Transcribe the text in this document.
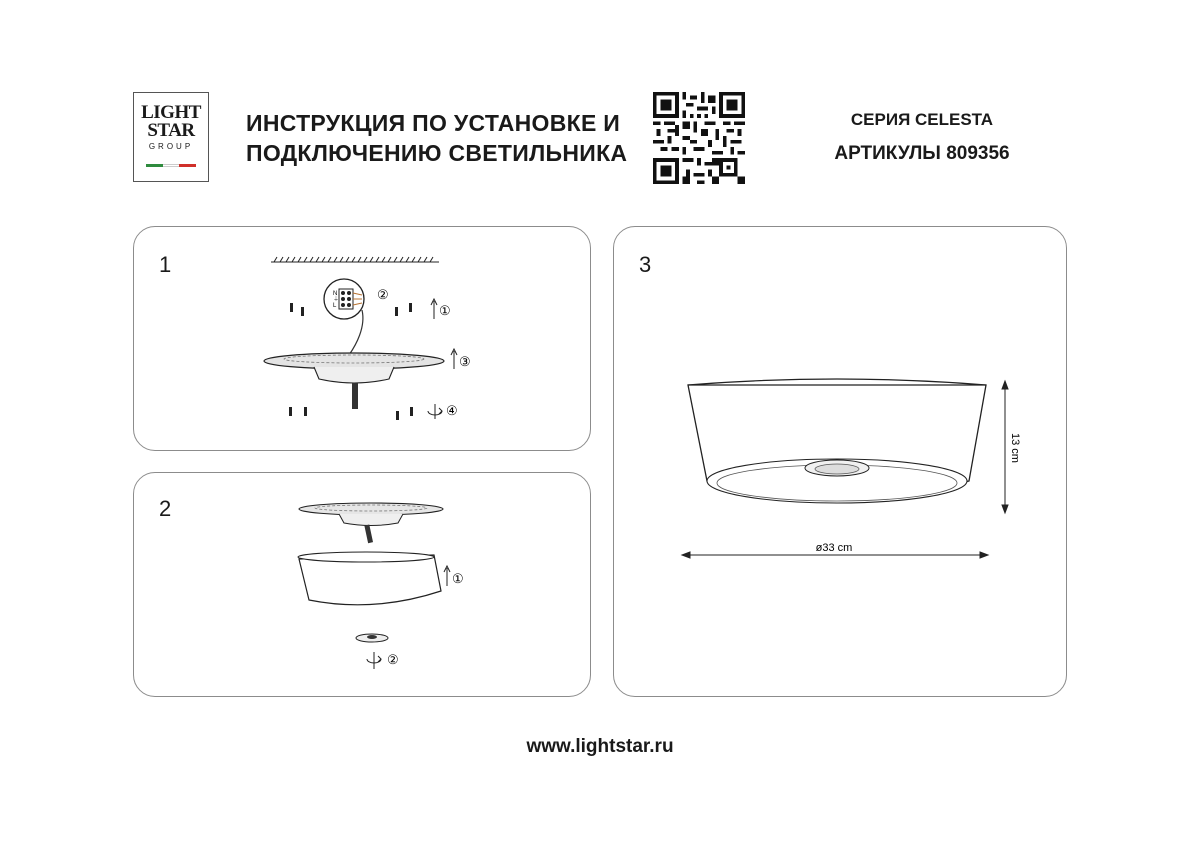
LIGHT
STAR
GROUP
ИНСТРУКЦИЯ ПО УСТАНОВКЕ И
ПОДКЛЮЧЕНИЮ СВЕТИЛЬНИКА
СЕРИЯ CELESTA
АРТИКУЛЫ 809356
1
N
⏚
L
②
①
③
④
2
①
②
3
13 cm
ø33 cm
www.lightstar.ru
